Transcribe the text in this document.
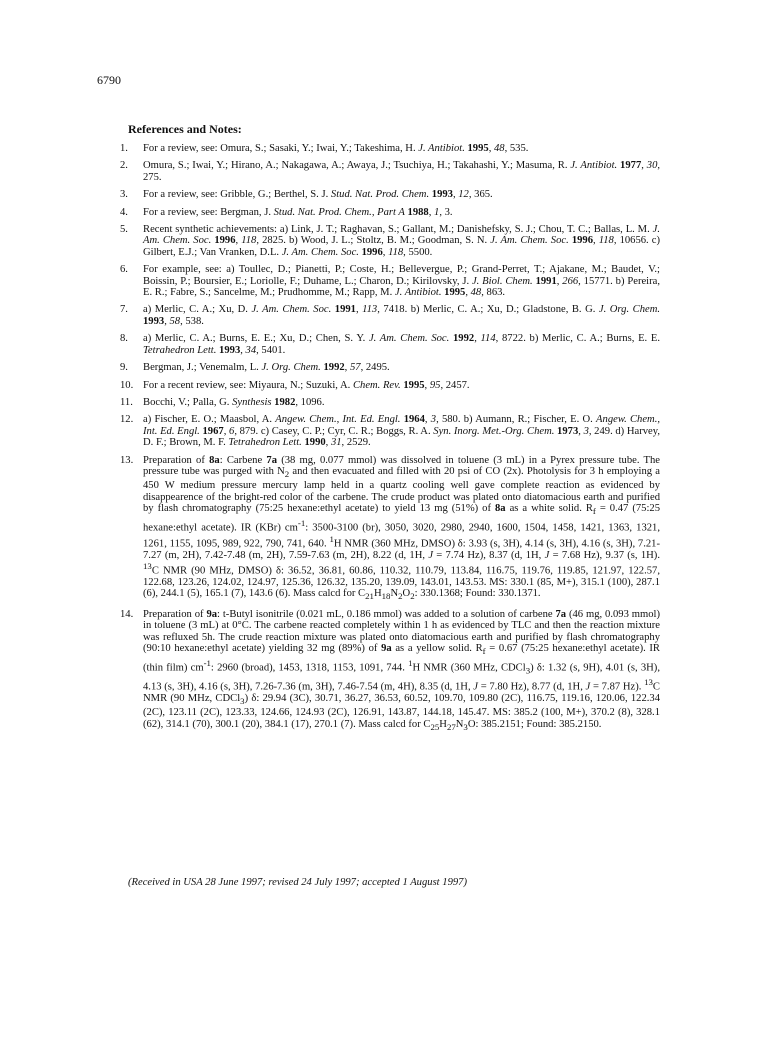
6790
References and Notes:
1.	For a review, see: Omura, S.; Sasaki, Y.; Iwai, Y.; Takeshima, H. J. Antibiot. 1995, 48, 535.
2.	Omura, S.; Iwai, Y.; Hirano, A.; Nakagawa, A.; Awaya, J.; Tsuchiya, H.; Takahashi, Y.; Masuma, R. J. Antibiot. 1977, 30, 275.
3.	For a review, see: Gribble, G.; Berthel, S. J. Stud. Nat. Prod. Chem. 1993, 12, 365.
4.	For a review, see: Bergman, J. Stud. Nat. Prod. Chem., Part A 1988, 1, 3.
5.	Recent synthetic achievements: a) Link, J. T.; Raghavan, S.; Gallant, M.; Danishefsky, S. J.; Chou, T. C.; Ballas, L. M. J. Am. Chem. Soc. 1996, 118, 2825. b) Wood, J. L.; Stoltz, B. M.; Goodman, S. N. J. Am. Chem. Soc. 1996, 118, 10656. c) Gilbert, E.J.; Van Vranken, D.L. J. Am. Chem. Soc. 1996, 118, 5500.
6.	For example, see: a) Toullec, D.; Pianetti, P.; Coste, H.; Bellevergue, P.; Grand-Perret, T.; Ajakane, M.; Baudet, V.; Boissin, P.; Boursier, E.; Loriolle, F.; Duhame, L.; Charon, D.; Kirilovsky, J. J. Biol. Chem. 1991, 266, 15771. b) Pereira, E. R.; Fabre, S.; Sancelme, M.; Prudhomme, M.; Rapp, M. J. Antibiot. 1995, 48, 863.
7.	a) Merlic, C. A.; Xu, D. J. Am. Chem. Soc. 1991, 113, 7418. b) Merlic, C. A.; Xu, D.; Gladstone, B. G. J. Org. Chem. 1993, 58, 538.
8.	a) Merlic, C. A.; Burns, E. E.; Xu, D.; Chen, S. Y. J. Am. Chem. Soc. 1992, 114, 8722. b) Merlic, C. A.; Burns, E. E. Tetrahedron Lett. 1993, 34, 5401.
9.	Bergman, J.; Venemalm, L. J. Org. Chem. 1992, 57, 2495.
10. For a recent review, see: Miyaura, N.; Suzuki, A. Chem. Rev. 1995, 95, 2457.
11. Bocchi, V.; Palla, G. Synthesis 1982, 1096.
12. a) Fischer, E. O.; Maasbol, A. Angew. Chem., Int. Ed. Engl. 1964, 3, 580. b) Aumann, R.; Fischer, E. O. Angew. Chem., Int. Ed. Engl. 1967, 6, 879. c) Casey, C. P.; Cyr, C. R.; Boggs, R. A. Syn. Inorg. Met.-Org. Chem. 1973, 3, 249. d) Harvey, D. F.; Brown, M. F. Tetrahedron Lett. 1990, 31, 2529.
13. Preparation of 8a: Carbene 7a (38 mg, 0.077 mmol) was dissolved in toluene (3 mL) in a Pyrex pressure tube. The pressure tube was purged with $N_2$ and then evacuated and filled with 20 psi of CO (2x). Photolysis for 3 h employing a 450 W medium pressure mercury lamp held in a quartz cooling well gave complete reaction as evidenced by disappearence of the bright-red color of the carbene. The crude product was plated onto diatomacious earth and purified by flash chromatography (75:25 hexane:ethyl acetate) to yield 13 mg (51%) of 8a as a white solid. $R_f = 0.47$ (75:25 hexane:ethyl acetate). IR (KBr) $cm^{-1}$: 3500-3100 (br), 3050, 3020, 2980, 2940, 1600, 1504, 1458, 1421, 1363, 1321, 1261, 1155, 1095, 989, 922, 790, 741, 640. $^1$H NMR (360 MHz, DMSO) δ: 3.93 (s, 3H), 4.14 (s, 3H), 4.16 (s, 3H), 7.21-7.27 (m, 2H), 7.42-7.48 (m, 2H), 7.59-7.63 (m, 2H), 8.22 (d, 1H, J = 7.74 Hz), 8.37 (d, 1H, J = 7.68 Hz), 9.37 (s, 1H). $^{13}$C NMR (90 MHz, DMSO) δ: 36.52, 36.81, 60.86, 110.32, 110.79, 113.84, 116.75, 119.76, 119.85, 121.97, 122.57, 122.68, 123.26, 124.02, 124.97, 125.36, 126.32, 135.20, 139.09, 143.01, 143.53. MS: 330.1 (85, M+), 315.1 (100), 287.1 (6), 244.1 (5), 165.1 (7), 143.6 (6). Mass calcd for $C_{21}H_{18}N_2O_2$: 330.1368; Found: 330.1371.
14. Preparation of 9a: t-Butyl isonitrile (0.021 mL, 0.186 mmol) was added to a solution of carbene 7a (46 mg, 0.093 mmol) in toluene (3 mL) at 0°C. The carbene reacted completely within 1 h as evidenced by TLC and then the reaction mixture was refluxed 5h. The crude reaction mixture was plated onto diatomacious earth and purified by flash chromatography (90:10 hexane:ethyl acetate) yielding 32 mg (89%) of 9a as a yellow solid. $R_f = 0.67$ (75:25 hexane:ethyl acetate). IR (thin film) $cm^{-1}$: 2960 (broad), 1453, 1318, 1153, 1091, 744. $^1$H NMR (360 MHz, CDCl$_3$) δ: 1.32 (s, 9H), 4.01 (s, 3H), 4.13 (s, 3H), 4.16 (s, 3H), 7.26-7.36 (m, 3H), 7.46-7.54 (m, 4H), 8.35 (d, 1H, J = 7.80 Hz), 8.77 (d, 1H, J = 7.87 Hz). $^{13}$C NMR (90 MHz, CDCl$_3$) δ: 29.94 (3C), 30.71, 36.27, 36.53, 60.52, 109.70, 109.80 (2C), 116.75, 119.16, 120.06, 122.34 (2C), 123.11 (2C), 123.33, 124.66, 124.93 (2C), 126.91, 143.87, 144.18, 145.47. MS: 385.2 (100, M+), 370.2 (8), 328.1 (62), 314.1 (70), 300.1 (20), 384.1 (17), 270.1 (7). Mass calcd for $C_{25}H_{27}N_3O$: 385.2151; Found: 385.2150.
(Received in USA 28 June 1997; revised 24 July 1997; accepted 1 August 1997)
